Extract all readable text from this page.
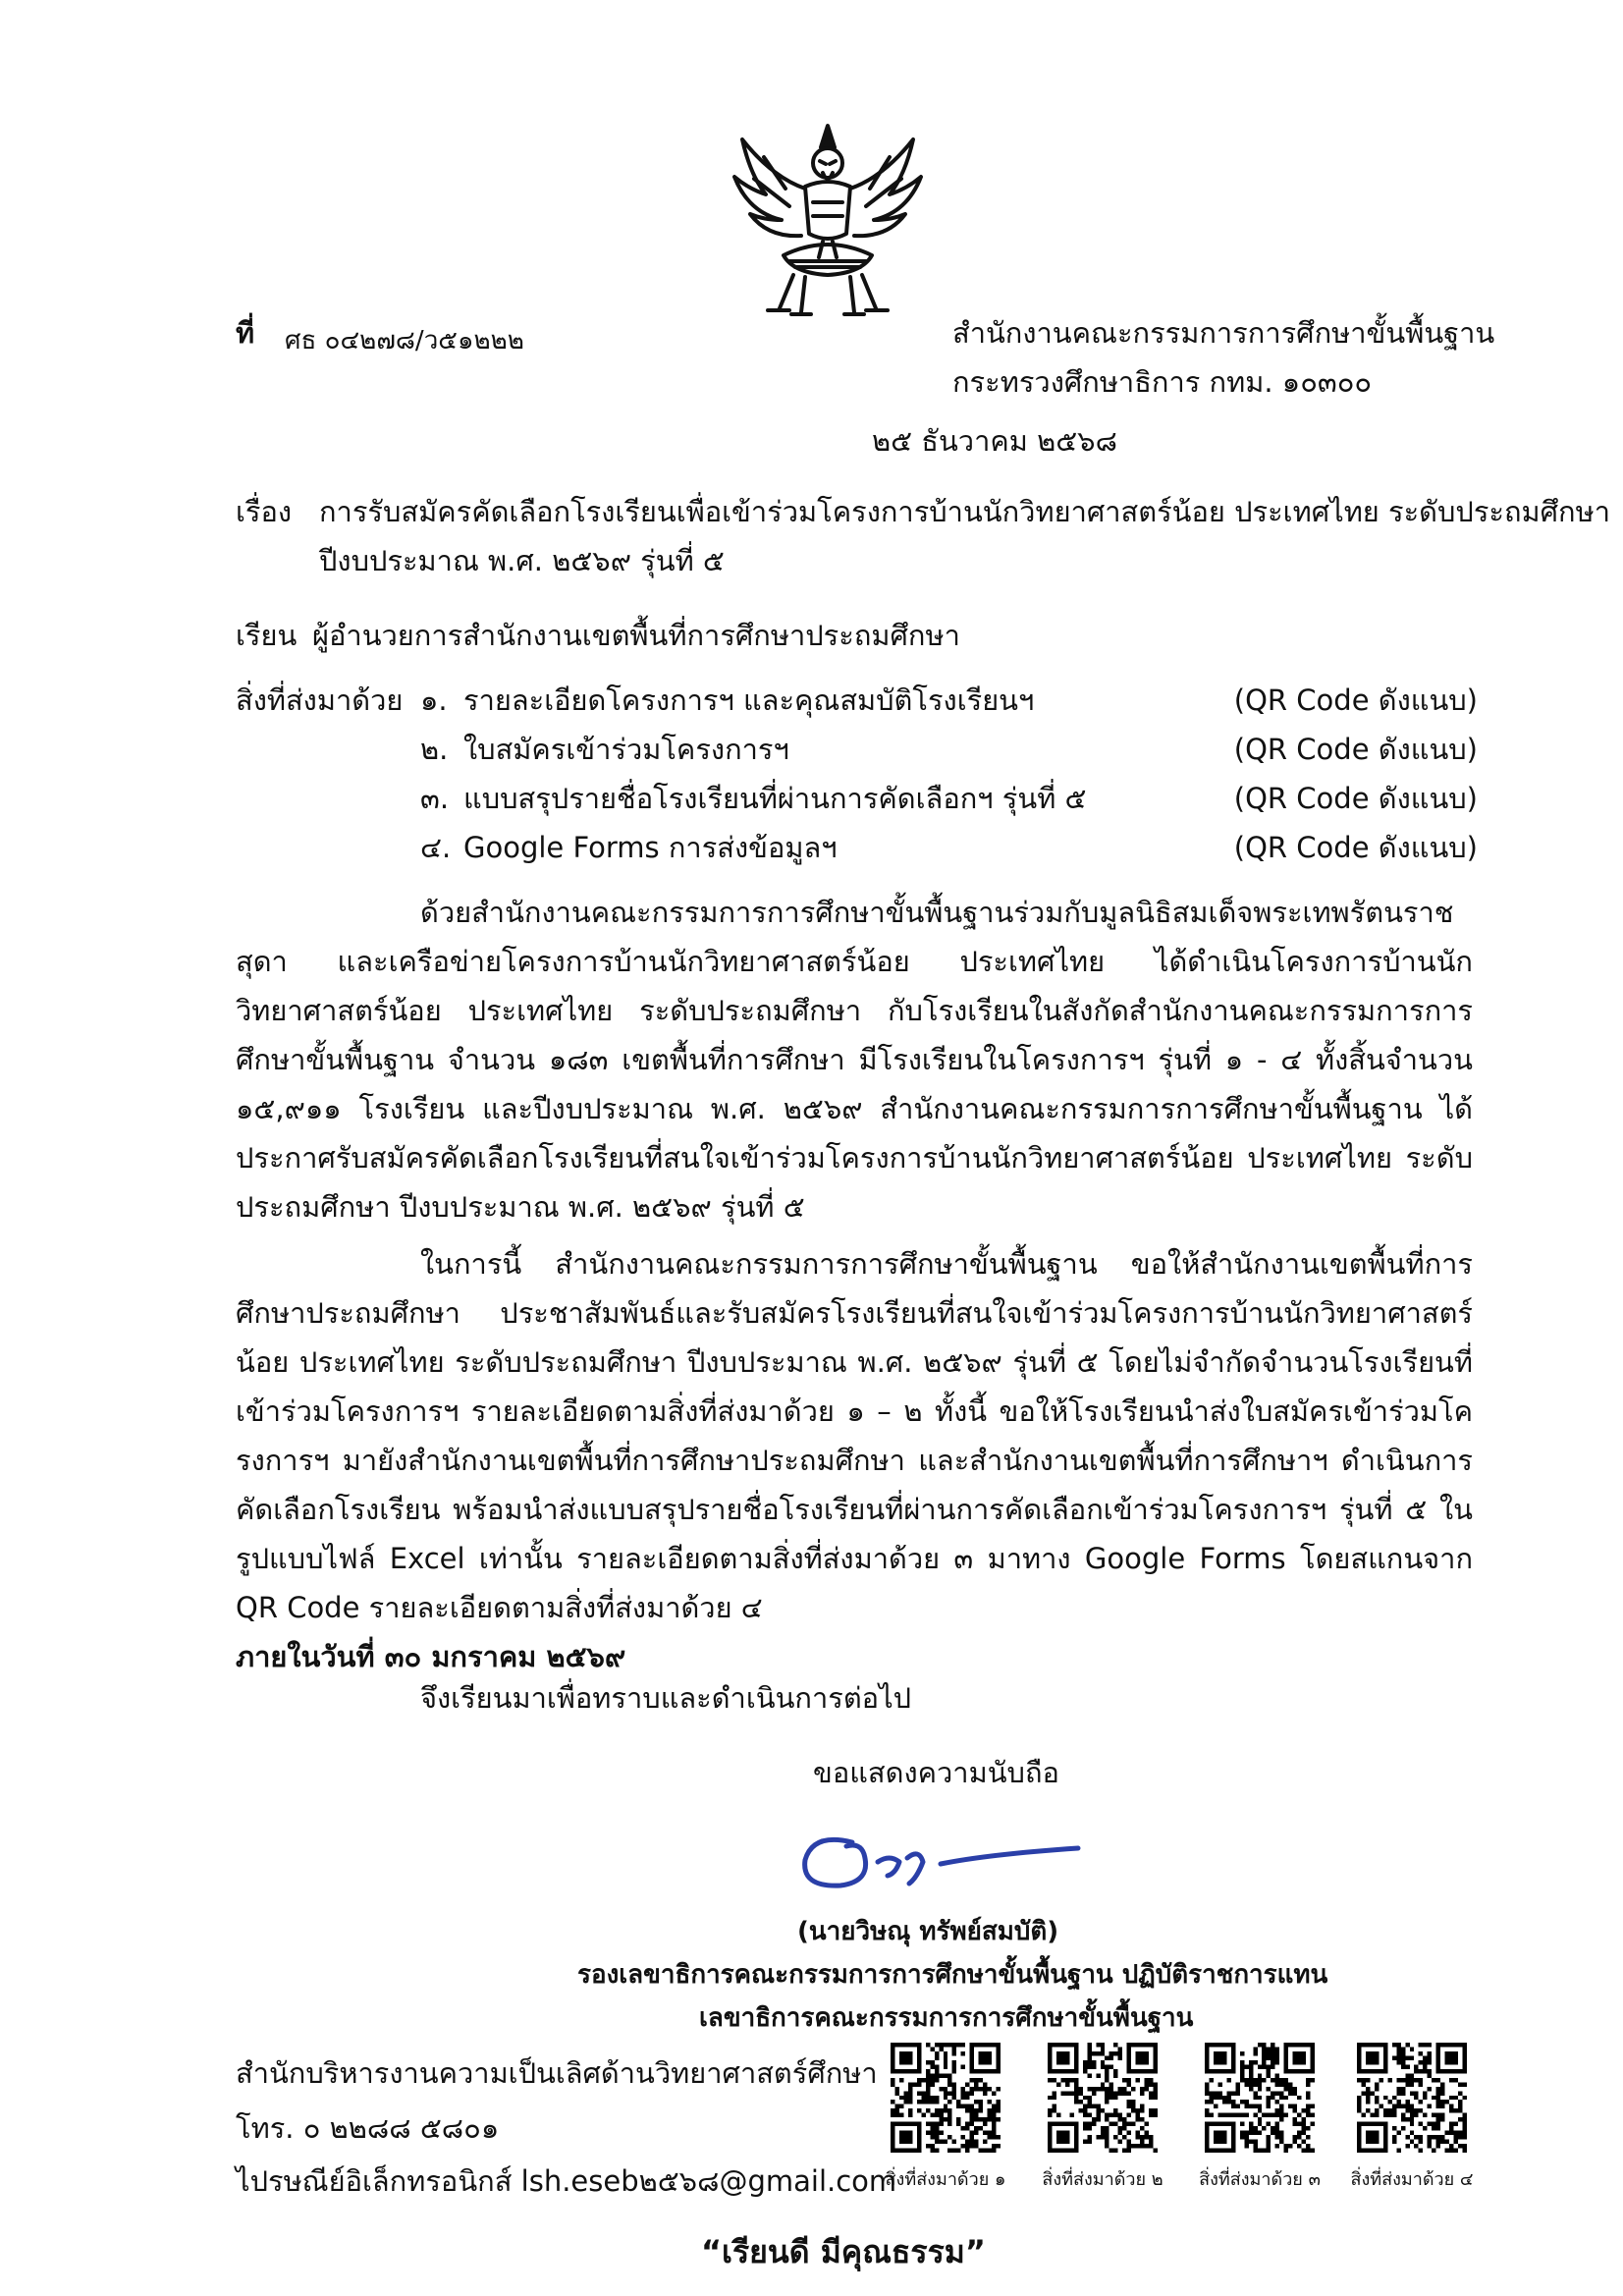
ที่ ศธ ๐๔๒๗๘/ว๕๑๒๒๒	สำนักงานคณะกรรมการการศึกษาขั้นพื้นฐาน
กระทรวงศึกษาธิการ กทม. ๑๐๓๐๐
๒๕ ธันวาคม ๒๕๖๘
เรื่อง การรับสมัครคัดเลือกโรงเรียนเพื่อเข้าร่วมโครงการบ้านนักวิทยาศาสตร์น้อย ประเทศไทย ระดับประถมศึกษา
ปีงบประมาณ พ.ศ. ๒๕๖๙ รุ่นที่ ๕
เรียน ผู้อำนวยการสำนักงานเขตพื้นที่การศึกษาประถมศึกษา
สิ่งที่ส่งมาด้วย ๑. รายละเอียดโครงการฯ และคุณสมบัติโรงเรียนฯ	(QR Code ดังแนบ)
๒. ใบสมัครเข้าร่วมโครงการฯ	(QR Code ดังแนบ)
๓. แบบสรุปรายชื่อโรงเรียนที่ผ่านการคัดเลือกฯ รุ่นที่ ๕	(QR Code ดังแนบ)
๔. Google Forms การส่งข้อมูลฯ	(QR Code ดังแนบ)

ด้วยสำนักงานคณะกรรมการการศึกษาขั้นพื้นฐานร่วมกับมูลนิธิสมเด็จพระเทพรัตนราชสุดา และเครือข่ายโครงการบ้านนักวิทยาศาสตร์น้อย ประเทศไทย ได้ดำเนินโครงการบ้านนักวิทยาศาสตร์น้อย ประเทศไทย ระดับประถมศึกษา กับโรงเรียนในสังกัดสำนักงานคณะกรรมการการศึกษาขั้นพื้นฐาน จำนวน ๑๘๓ เขตพื้นที่การศึกษา มีโรงเรียนในโครงการฯ รุ่นที่ ๑ - ๔ ทั้งสิ้นจำนวน ๑๕,๙๑๑ โรงเรียน และปีงบประมาณ พ.ศ. ๒๕๖๙ สำนักงานคณะกรรมการการศึกษาขั้นพื้นฐาน ได้ประกาศรับสมัครคัดเลือกโรงเรียนที่สนใจเข้าร่วมโครงการบ้านนักวิทยาศาสตร์น้อย ประเทศไทย ระดับประถมศึกษา ปีงบประมาณ พ.ศ. ๒๕๖๙ รุ่นที่ ๕

ในการนี้ สำนักงานคณะกรรมการการศึกษาขั้นพื้นฐาน ขอให้สำนักงานเขตพื้นที่การศึกษาประถมศึกษา ประชาสัมพันธ์และรับสมัครโรงเรียนที่สนใจเข้าร่วมโครงการบ้านนักวิทยาศาสตร์น้อย ประเทศไทย ระดับประถมศึกษา ปีงบประมาณ พ.ศ. ๒๕๖๙ รุ่นที่ ๕ โดยไม่จำกัดจำนวนโรงเรียนที่เข้าร่วมโครงการฯ รายละเอียดตามสิ่งที่ส่งมาด้วย ๑ – ๒ ทั้งนี้ ขอให้โรงเรียนนำส่งใบสมัครเข้าร่วมโครงการฯ มายังสำนักงานเขตพื้นที่การศึกษาประถมศึกษา และสำนักงานเขตพื้นที่การศึกษาฯ ดำเนินการคัดเลือกโรงเรียน พร้อมนำส่งแบบสรุปรายชื่อโรงเรียนที่ผ่านการคัดเลือกเข้าร่วมโครงการฯ รุ่นที่ ๕ ในรูปแบบไฟล์ Excel เท่านั้น รายละเอียดตามสิ่งที่ส่งมาด้วย ๓ มาทาง Google Forms โดยสแกนจาก QR Code รายละเอียดตามสิ่งที่ส่งมาด้วย ๔

ภายในวันที่ ๓๐ มกราคม ๒๕๖๙

จึงเรียนมาเพื่อทราบและดำเนินการต่อไป
ขอแสดงความนับถือ
(นายวิษณุ ทรัพย์สมบัติ)
รองเลขาธิการคณะกรรมการการศึกษาขั้นพื้นฐาน ปฏิบัติราชการแทน
เลขาธิการคณะกรรมการการศึกษาขั้นพื้นฐาน
สำนักบริหารงานความเป็นเลิศด้านวิทยาศาสตร์ศึกษา
โทร. ๐ ๒๒๘๘ ๕๘๐๑
ไปรษณีย์อิเล็กทรอนิกส์ lsh.eseb๒๕๖๘@gmail.com
สิ่งที่ส่งมาด้วย ๑	สิ่งที่ส่งมาด้วย ๒	สิ่งที่ส่งมาด้วย ๓	สิ่งที่ส่งมาด้วย ๔
“เรียนดี มีคุณธรรม”
